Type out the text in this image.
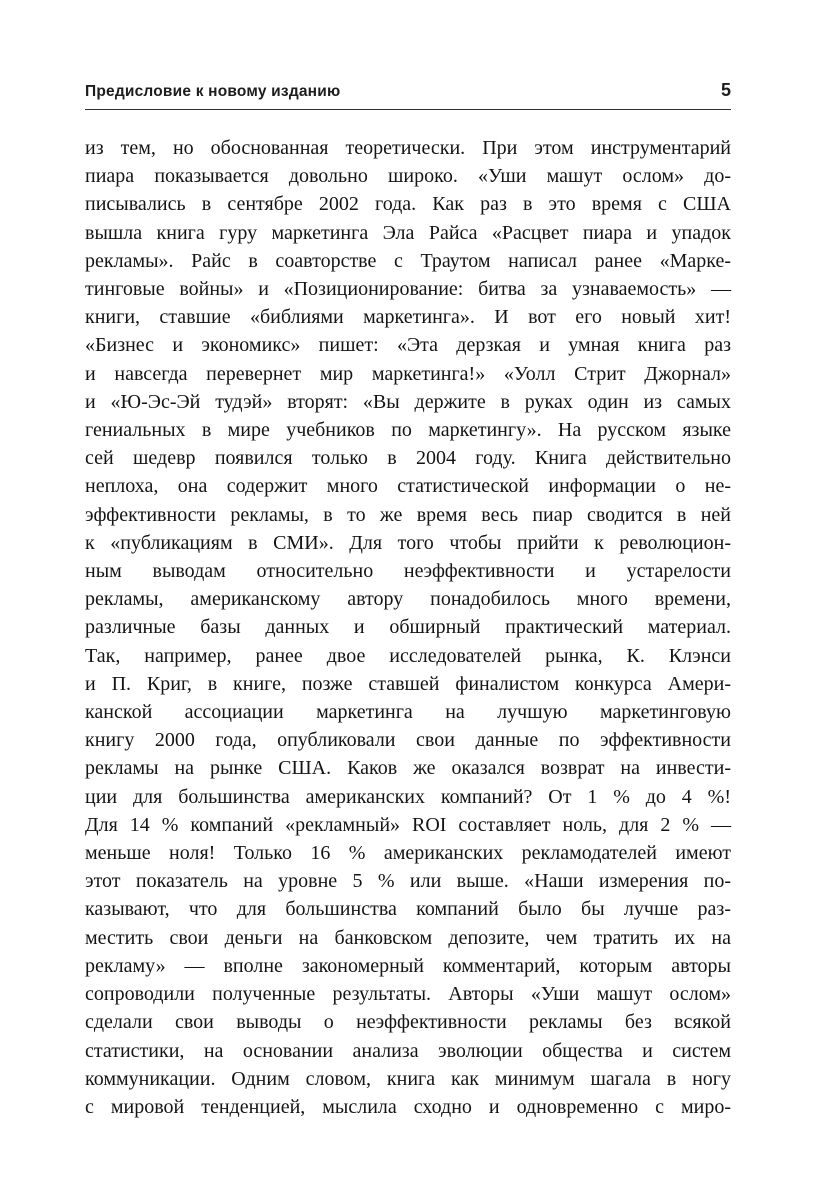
Предисловие к новому изданию	5
из тем, но обоснованная теоретически. При этом инструментарий
пиара показывается довольно широко. «Уши машут ослом» до-
писывались в сентябре 2002 года. Как раз в это время с США
вышла книга гуру маркетинга Эла Райса «Расцвет пиара и упадок
рекламы». Райс в соавторстве с Траутом написал ранее «Марке-
тинговые войны» и «Позиционирование: битва за узнаваемость» —
книги, ставшие «библиями маркетинга». И вот его новый хит!
«Бизнес и экономикс» пишет: «Эта дерзкая и умная книга раз
и навсегда перевернет мир маркетинга!» «Уолл Стрит Джорнал»
и «Ю-Эс-Эй тудэй» вторят: «Вы держите в руках один из самых
гениальных в мире учебников по маркетингу». На русском языке
сей шедевр появился только в 2004 году. Книга действительно
неплоха, она содержит много статистической информации о не-
эффективности рекламы, в то же время весь пиар сводится в ней
к «публикациям в СМИ». Для того чтобы прийти к революцион-
ным выводам относительно неэффективности и устарелости
рекламы, американскому автору понадобилось много времени,
различные базы данных и обширный практический материал.
Так, например, ранее двое исследователей рынка, К. Клэнси
и П. Криг, в книге, позже ставшей финалистом конкурса Амери-
канской ассоциации маркетинга на лучшую маркетинговую
книгу 2000 года, опубликовали свои данные по эффективности
рекламы на рынке США. Каков же оказался возврат на инвести-
ции для большинства американских компаний? От 1 % до 4 %!
Для 14 % компаний «рекламный» ROI составляет ноль, для 2 % —
меньше ноля! Только 16 % американских рекламодателей имеют
этот показатель на уровне 5 % или выше. «Наши измерения по-
казывают, что для большинства компаний было бы лучше раз-
местить свои деньги на банковском депозите, чем тратить их на
рекламу» — вполне закономерный комментарий, которым авторы
сопроводили полученные результаты. Авторы «Уши машут ослом»
сделали свои выводы о неэффективности рекламы без всякой
статистики, на основании анализа эволюции общества и систем
коммуникации. Одним словом, книга как минимум шагала в ногу
с мировой тенденцией, мыслила сходно и одновременно с миро-
